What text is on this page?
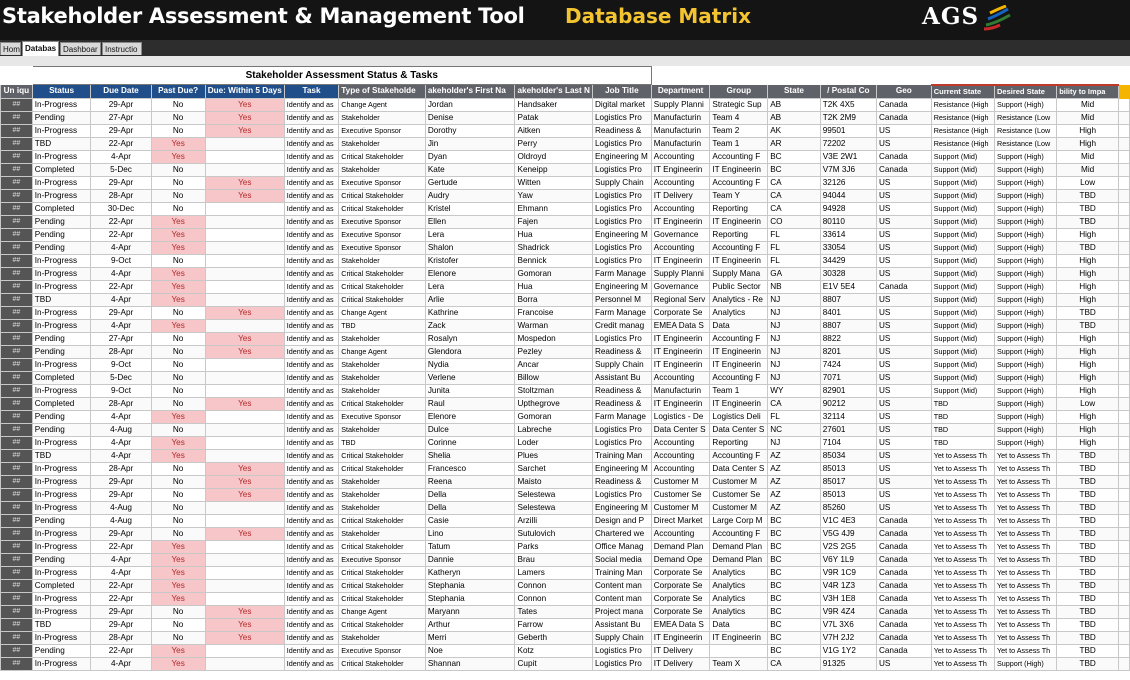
Stakeholder Assessment & Management Tool Database Matrix	AGS
Hom Databas Dashboar Instructio
	Stakeholder Assessment Status & Tasks																	
Un iqu	Status	Due Date	Past Due?	Due: Within 5 Days	Task	Type of Stakeholde	akeholder's First Na	akeholder's Last N	Job Title	Department	Group	State	/ Postal Co	Geo	Current State	Desired State	bility to Impa	
##	In-Progress	29-Apr	No	Yes	Identify and as	Change Agent	Jordan	Handsaker	Digital market	Supply Planni	Strategic Sup	AB	T2K 4X5	Canada	Resistance (High	Support (High)	Mid	
##	Pending	27-Apr	No	Yes	Identify and as	Stakeholder	Denise	Patak	Logistics Pro	Manufacturin	Team 4	AB	T2K 2M9	Canada	Resistance (High	Resistance (Low	Mid	
##	In-Progress	29-Apr	No	Yes	Identify and as	Executive Sponsor	Dorothy	Aitken	Readiness &	Manufacturin	Team 2	AK	99501	US	Resistance (High	Resistance (Low	High	
##	TBD	22-Apr	Yes		Identify and as	Stakeholder	Jin	Perry	Logistics Pro	Manufacturin	Team 1	AR	72202	US	Resistance (High	Resistance (Low	High	
##	In-Progress	4-Apr	Yes		Identify and as	Critical Stakeholder	Dyan	Oldroyd	Engineering M	Accounting	Accounting F	BC	V3E 2W1	Canada	Support (Mid)	Support (High)	Mid	
##	Completed	5-Dec	No		Identify and as	Stakeholder	Kate	Keneipp	Logistics Pro	IT Engineerin	IT Engineerin	BC	V7M 3J6	Canada	Support (Mid)	Support (High)	Mid	
##	In-Progress	29-Apr	No	Yes	Identify and as	Executive Sponsor	Gertude	Witten	Supply Chain	Accounting	Accounting F	CA	32126	US	Support (Mid)	Support (High)	Low	
##	In-Progress	28-Apr	No	Yes	Identify and as	Critical Stakeholder	Audry	Yaw	Logistics Pro	IT Delivery	Team Y	CA	94044	US	Support (Mid)	Support (High)	TBD	
##	Completed	30-Dec	No		Identify and as	Critical Stakeholder	Kristel	Ehmann	Logistics Pro	Accounting	Reporting	CA	94928	US	Support (Mid)	Support (High)	TBD	
##	Pending	22-Apr	Yes		Identify and as	Executive Sponsor	Ellen	Fajen	Logistics Pro	IT Engineerin	IT Engineerin	CO	80110	US	Support (Mid)	Support (High)	TBD	
##	Pending	22-Apr	Yes		Identify and as	Executive Sponsor	Lera	Hua	Engineering M	Governance	Reporting	FL	33614	US	Support (Mid)	Support (High)	High	
##	Pending	4-Apr	Yes		Identify and as	Executive Sponsor	Shalon	Shadrick	Logistics Pro	Accounting	Accounting F	FL	33054	US	Support (Mid)	Support (High)	TBD	
##	In-Progress	9-Oct	No		Identify and as	Stakeholder	Kristofer	Bennick	Logistics Pro	IT Engineerin	IT Engineerin	FL	34429	US	Support (Mid)	Support (High)	High	
##	In-Progress	4-Apr	Yes		Identify and as	Critical Stakeholder	Elenore	Gomoran	Farm Manage	Supply Planni	Supply Mana	GA	30328	US	Support (Mid)	Support (High)	High	
##	In-Progress	22-Apr	Yes		Identify and as	Critical Stakeholder	Lera	Hua	Engineering M	Governance	Public Sector	NB	E1V 5E4	Canada	Support (Mid)	Support (High)	High	
##	TBD	4-Apr	Yes		Identify and as	Critical Stakeholder	Arlie	Borra	Personnel M	Regional Serv	Analytics - Re	NJ	8807	US	Support (Mid)	Support (High)	High	
##	In-Progress	29-Apr	No	Yes	Identify and as	Change Agent	Kathrine	Francoise	Farm Manage	Corporate Se	Analytics	NJ	8401	US	Support (Mid)	Support (High)	TBD	
##	In-Progress	4-Apr	Yes		Identify and as	TBD	Zack	Warman	Credit manag	EMEA Data S	Data	NJ	8807	US	Support (Mid)	Support (High)	TBD	
##	Pending	27-Apr	No	Yes	Identify and as	Stakeholder	Rosalyn	Mospedon	Logistics Pro	IT Engineerin	Accounting F	NJ	8822	US	Support (Mid)	Support (High)	High	
##	Pending	28-Apr	No	Yes	Identify and as	Change Agent	Glendora	Pezley	Readiness &	IT Engineerin	IT Engineerin	NJ	8201	US	Support (Mid)	Support (High)	High	
##	In-Progress	9-Oct	No		Identify and as	Stakeholder	Nydia	Ancar	Supply Chain	IT Engineerin	IT Engineerin	NJ	7424	US	Support (Mid)	Support (High)	High	
##	Completed	5-Dec	No		Identify and as	Stakeholder	Verlene	Billow	Assistant Bu	Accounting	Accounting F	NJ	7071	US	Support (Mid)	Support (High)	High	
##	In-Progress	9-Oct	No		Identify and as	Stakeholder	Junita	Stoltzman	Readiness &	Manufacturin	Team 1	WY	82901	US	Support (Mid)	Support (High)	High	
##	Completed	28-Apr	No	Yes	Identify and as	Critical Stakeholder	Raul	Upthegrove	Readiness &	IT Engineerin	IT Engineerin	CA	90212	US	TBD	Support (High)	Low	
##	Pending	4-Apr	Yes		Identify and as	Executive Sponsor	Elenore	Gomoran	Farm Manage	Logistics - De	Logistics Deli	FL	32114	US	TBD	Support (High)	High	
##	Pending	4-Aug	No		Identify and as	Stakeholder	Dulce	Labreche	Logistics Pro	Data Center S	Data Center S	NC	27601	US	TBD	Support (High)	High	
##	In-Progress	4-Apr	Yes		Identify and as	TBD	Corinne	Loder	Logistics Pro	Accounting	Reporting	NJ	7104	US	TBD	Support (High)	High	
##	TBD	4-Apr	Yes		Identify and as	Critical Stakeholder	Shelia	Plues	Training Man	Accounting	Accounting F	AZ	85034	US	Yet to Assess Th	Yet to Assess Th	TBD	
##	In-Progress	28-Apr	No	Yes	Identify and as	Critical Stakeholder	Francesco	Sarchet	Engineering M	Accounting	Data Center S	AZ	85013	US	Yet to Assess Th	Yet to Assess Th	TBD	
##	In-Progress	29-Apr	No	Yes	Identify and as	Stakeholder	Reena	Maisto	Readiness &	Customer M	Customer M	AZ	85017	US	Yet to Assess Th	Yet to Assess Th	TBD	
##	In-Progress	29-Apr	No	Yes	Identify and as	Stakeholder	Della	Selestewa	Logistics Pro	Customer Se	Customer Se	AZ	85013	US	Yet to Assess Th	Yet to Assess Th	TBD	
##	In-Progress	4-Aug	No		Identify and as	Stakeholder	Della	Selestewa	Engineering M	Customer M	Customer M	AZ	85260	US	Yet to Assess Th	Yet to Assess Th	TBD	
##	Pending	4-Aug	No		Identify and as	Critical Stakeholder	Casie	Arzilli	Design and P	Direct Market	Large Corp M	BC	V1C 4E3	Canada	Yet to Assess Th	Yet to Assess Th	TBD	
##	In-Progress	29-Apr	No	Yes	Identify and as	Stakeholder	Lino	Sutulovich	Chartered we	Accounting	Accounting F	BC	V5G 4J9	Canada	Yet to Assess Th	Yet to Assess Th	TBD	
##	In-Progress	22-Apr	Yes		Identify and as	Critical Stakeholder	Tatum	Parks	Office Manag	Demand Plan	Demand Plan	BC	V2S 2G5	Canada	Yet to Assess Th	Yet to Assess Th	TBD	
##	Pending	4-Apr	Yes		Identify and as	Executive Sponsor	Dannie	Brau	Social media	Demand Ope	Demand Plan	BC	V6Y 1L9	Canada	Yet to Assess Th	Yet to Assess Th	TBD	
##	In-Progress	4-Apr	Yes		Identify and as	Critical Stakeholder	Katheryn	Lamers	Training Man	Corporate Se	Analytics	BC	V9R 1C9	Canada	Yet to Assess Th	Yet to Assess Th	TBD	
##	Completed	22-Apr	Yes		Identify and as	Critical Stakeholder	Stephania	Connon	Content man	Corporate Se	Analytics	BC	V4R 1Z3	Canada	Yet to Assess Th	Yet to Assess Th	TBD	
##	In-Progress	22-Apr	Yes		Identify and as	Critical Stakeholder	Stephania	Connon	Content man	Corporate Se	Analytics	BC	V3H 1E8	Canada	Yet to Assess Th	Yet to Assess Th	TBD	
##	In-Progress	29-Apr	No	Yes	Identify and as	Change Agent	Maryann	Tates	Project mana	Corporate Se	Analytics	BC	V9R 4Z4	Canada	Yet to Assess Th	Yet to Assess Th	TBD	
##	TBD	29-Apr	No	Yes	Identify and as	Critical Stakeholder	Arthur	Farrow	Assistant Bu	EMEA Data S	Data	BC	V7L 3X6	Canada	Yet to Assess Th	Yet to Assess Th	TBD	
##	In-Progress	28-Apr	No	Yes	Identify and as	Stakeholder	Merri	Geberth	Supply Chain	IT Engineerin	IT Engineerin	BC	V7H 2J2	Canada	Yet to Assess Th	Yet to Assess Th	TBD	
##	Pending	22-Apr	Yes		Identify and as	Executive Sponsor	Noe	Kotz	Logistics Pro	IT Delivery		BC	V1G 1Y2	Canada	Yet to Assess Th	Yet to Assess Th	TBD	
##	In-Progress	4-Apr	Yes		Identify and as	Critical Stakeholder	Shannan	Cupit	Logistics Pro	IT Delivery	Team X	CA	91325	US	Yet to Assess Th	Support (High)	TBD	
